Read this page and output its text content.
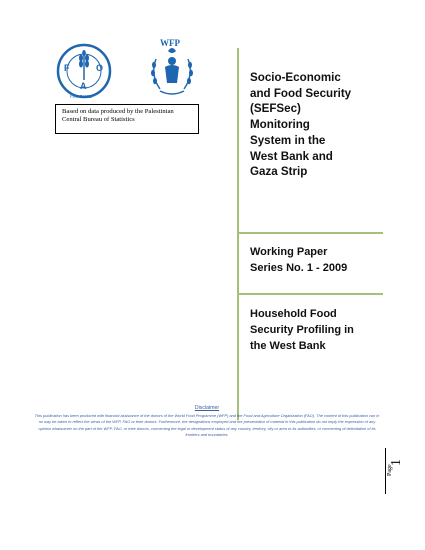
F	O
A
FIAT PANIS
WFP
Based on data produced by the Palestinian Central Bureau of Statistics
Socio-Economic
and Food Security
(SEFSec)
Monitoring
System in the
West Bank and
Gaza Strip
Working Paper
Series No. 1 - 2009
Household Food
Security Profiling in
the West Bank
Disclaimer
This publication has been produced with financial assistance of the donors of the World Food Programme (WFP) and the Food and Agriculture Organization (FAO). The content of this publication can in no way be taken to reflect the views of the WFP, FAO or their donors. Furthermore, the designations employed and the presentation of material in this publication do not imply the expression of any opinion whatsoever on the part of the WFP, FAO, or their donors, concerning the legal or development status of any country, territory, city or area or its authorities, or concerning of delimitation of its frontiers and boundaries.
1
Page
